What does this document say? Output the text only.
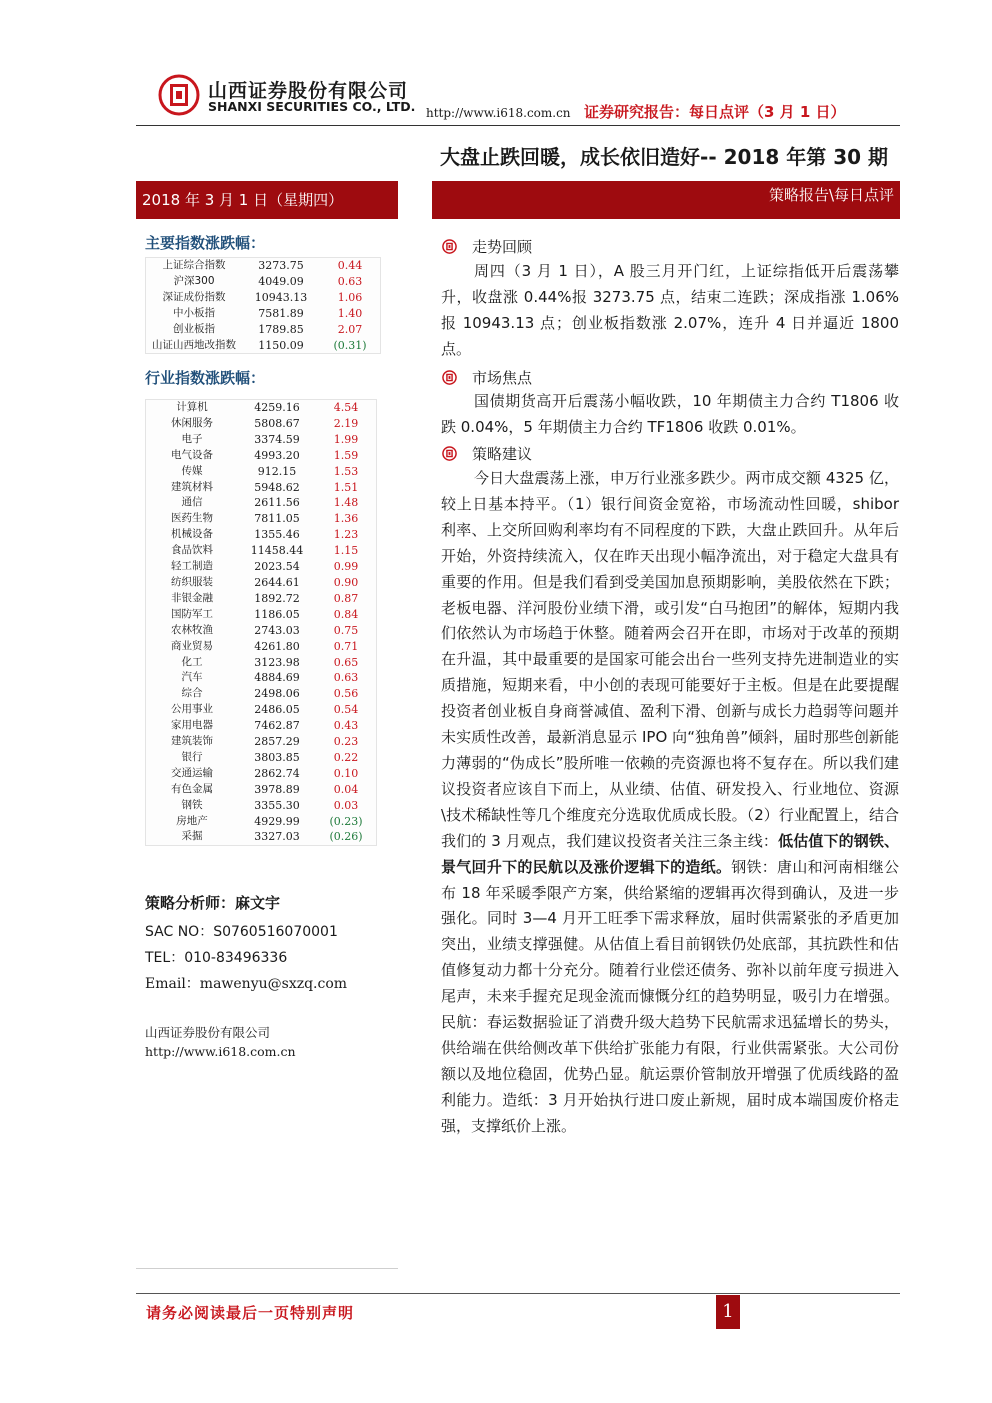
山西证券股份有限公司
SHANXI SECURITIES CO., LTD. http://www.i618.com.cn 证券研究报告：每日点评（3 月 1 日）
大盘止跌回暖，成长依旧造好-- 2018 年第 30 期
2018 年 3 月 1 日（星期四）	策略报告\每日点评
主要指数涨跌幅：
上证综合指数	3273.75	0.44
沪深300	4049.09	0.63
深证成份指数	10943.13	1.06
中小板指	7581.89	1.40
创业板指	1789.85	2.07
山证山西地改指数	1150.09	(0.31)
行业指数涨跌幅：
计算机	4259.16	4.54
休闲服务	5808.67	2.19
电子	3374.59	1.99
电气设备	4993.20	1.59
传媒	912.15	1.53
建筑材料	5948.62	1.51
通信	2611.56	1.48
医药生物	7811.05	1.36
机械设备	1355.46	1.23
食品饮料	11458.44	1.15
轻工制造	2023.54	0.99
纺织服装	2644.61	0.90
非银金融	1892.72	0.87
国防军工	1186.05	0.84
农林牧渔	2743.03	0.75
商业贸易	4261.80	0.71
化工	3123.98	0.65
汽车	4884.69	0.63
综合	2498.06	0.56
公用事业	2486.05	0.54
家用电器	7462.87	0.43
建筑装饰	2857.29	0.23
银行	3803.85	0.22
交通运输	2862.74	0.10
有色金属	3978.89	0.04
钢铁	3355.30	0.03
房地产	4929.99	(0.23)
采掘	3327.03	(0.26)
策略分析师：麻文宇
SAC NO：S0760516070001
TEL：010-83496336
Email：mawenyu@sxzq.com
山西证券股份有限公司
http://www.i618.com.cn
走势回顾
周四（3 月 1 日），A 股三月开门红，上证综指低开后震荡攀升，收盘涨 0.44%报 3273.75 点，结束二连跌；深成指涨 1.06%报 10943.13 点；创业板指数涨 2.07%，连升 4 日并逼近 1800 点。
市场焦点
国债期货高开后震荡小幅收跌，10 年期债主力合约 T1806 收跌 0.04%，5 年期债主力合约 TF1806 收跌 0.01%。
策略建议
今日大盘震荡上涨，申万行业涨多跌少。两市成交额 4325 亿，较上日基本持平。（1）银行间资金宽裕，市场流动性回暖，shibor 利率、上交所回购利率均有不同程度的下跌，大盘止跌回升。从年后开始，外资持续流入，仅在昨天出现小幅净流出，对于稳定大盘具有重要的作用。但是我们看到受美国加息预期影响，美股依然在下跌；老板电器、洋河股份业绩下滑，或引发“白马抱团”的解体，短期内我们依然认为市场趋于休整。随着两会召开在即，市场对于改革的预期在升温，其中最重要的是国家可能会出台一些列支持先进制造业的实质措施，短期来看，中小创的表现可能要好于主板。但是在此要提醒投资者创业板自身商誉减值、盈利下滑、创新与成长力趋弱等问题并未实质性改善，最新消息显示 IPO 向“独角兽”倾斜，届时那些创新能力薄弱的“伪成长”股所唯一依赖的壳资源也将不复存在。所以我们建议投资者应该自下而上，从业绩、估值、研发投入、行业地位、资源\技术稀缺性等几个维度充分选取优质成长股。（2）行业配置上，结合我们的 3 月观点，我们建议投资者关注三条主线：低估值下的钢铁、景气回升下的民航以及涨价逻辑下的造纸。钢铁：唐山和河南相继公布 18 年采暖季限产方案，供给紧缩的逻辑再次得到确认，及进一步强化。同时 3—4 月开工旺季下需求释放，届时供需紧张的矛盾更加突出，业绩支撑强健。从估值上看目前钢铁仍处底部，其抗跌性和估值修复动力都十分充分。随着行业偿还债务、弥补以前年度亏损进入尾声，未来手握充足现金流而慷慨分红的趋势明显，吸引力在增强。民航：春运数据验证了消费升级大趋势下民航需求迅猛增长的势头，供给端在供给侧改革下供给扩张能力有限，行业供需紧张。大公司份额以及地位稳固，优势凸显。航运票价管制放开增强了优质线路的盈利能力。造纸：3 月开始执行进口废止新规，届时成本端国废价格走强，支撑纸价上涨。
请务必阅读最后一页特别声明	1
